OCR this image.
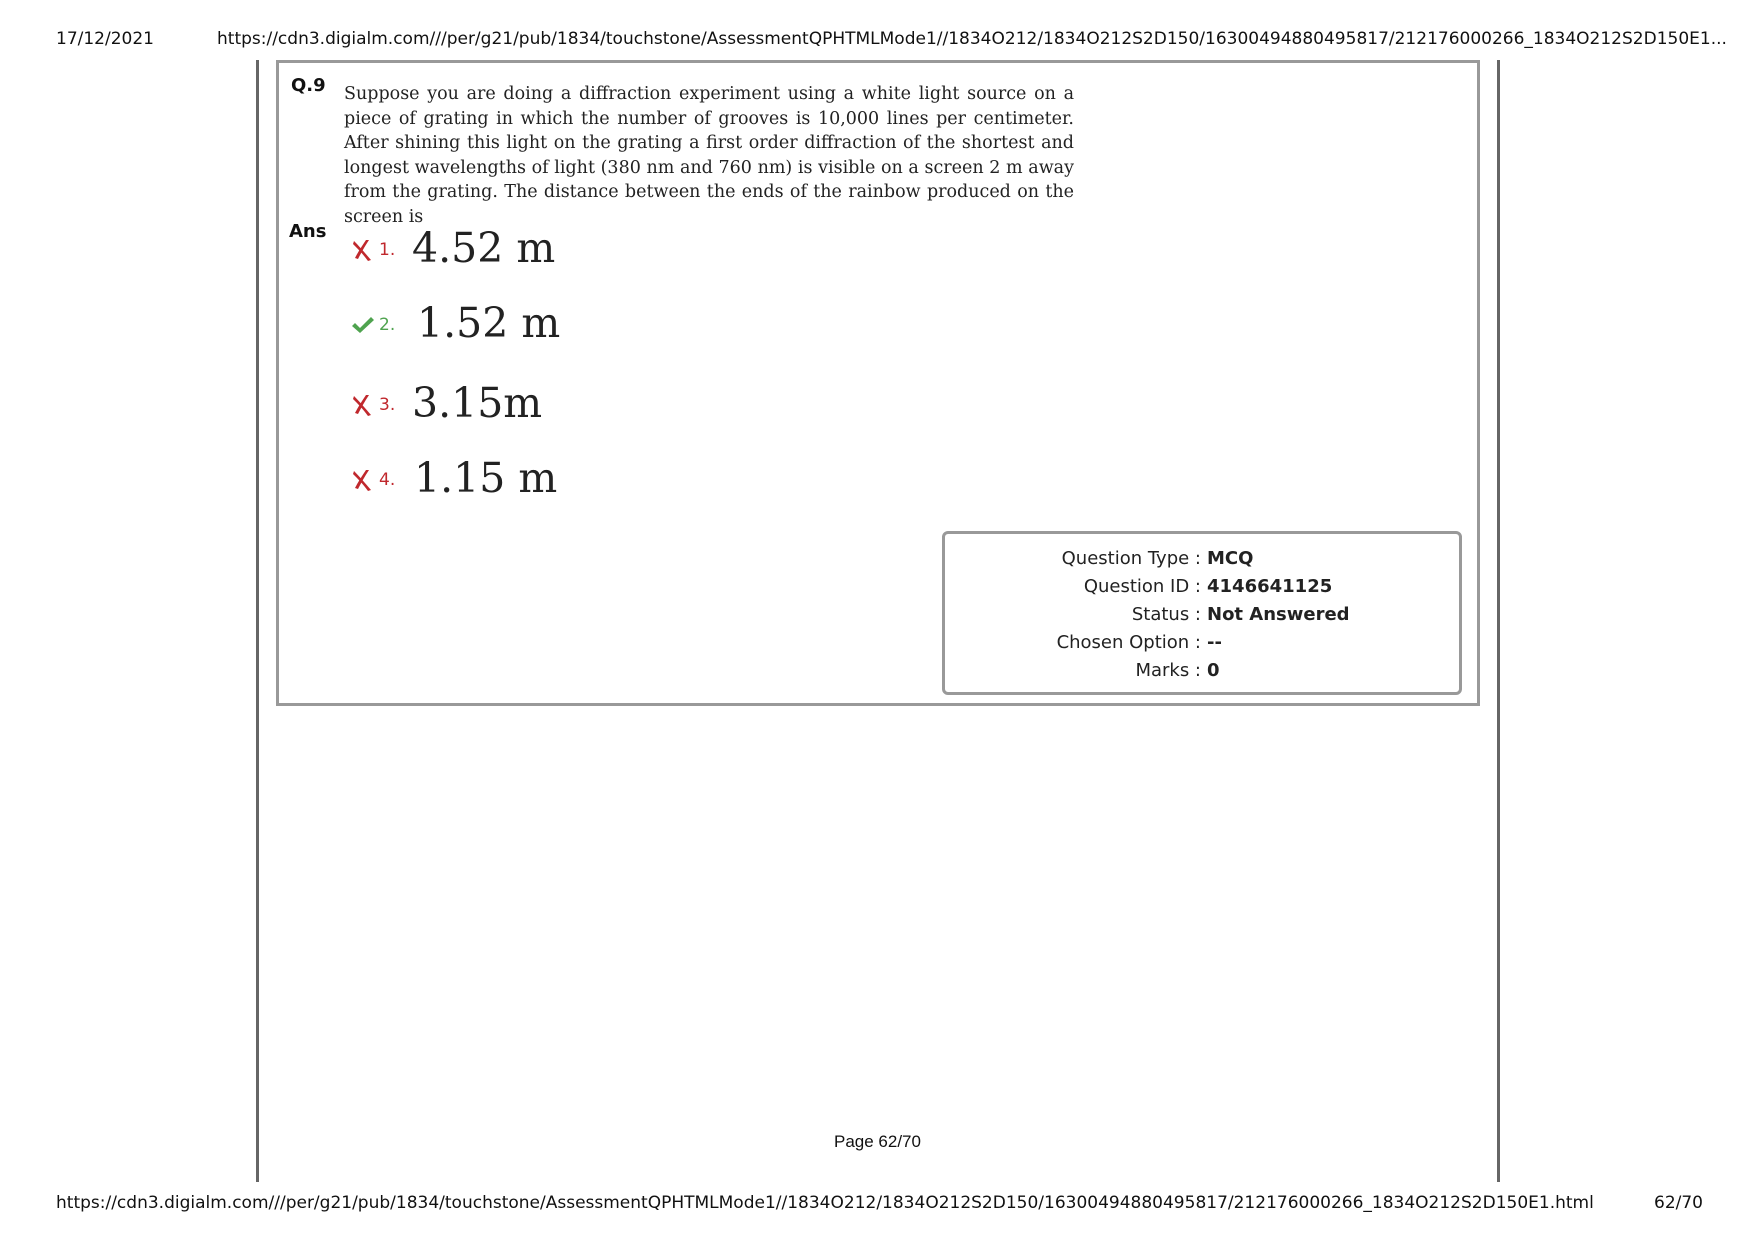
17/12/2021	https://cdn3.digialm.com///per/g21/pub/1834/touchstone/AssessmentQPHTMLMode1//1834O212/1834O212S2D150/16300494880495817/212176000266_1834O212S2D150E1...
Q.9 Suppose you are doing a diffraction experiment using a white light source on a piece of grating in which the number of grooves is 10,000 lines per centimeter. After shining this light on the grating a first order diffraction of the shortest and longest wavelengths of light (380 nm and 760 nm) is visible on a screen 2 m away from the grating. The distance between the ends of the rainbow produced on the screen is
Ans
1. 4.52 m
2. 1.52 m
3. 3.15m
4. 1.15 m
Question Type :	MCQ
Question ID :	4146641125
Status :	Not Answered
Chosen Option :	--
Marks :	0
Page 62/70
https://cdn3.digialm.com///per/g21/pub/1834/touchstone/AssessmentQPHTMLMode1//1834O212/1834O212S2D150/16300494880495817/212176000266_1834O212S2D150E1.html	62/70
